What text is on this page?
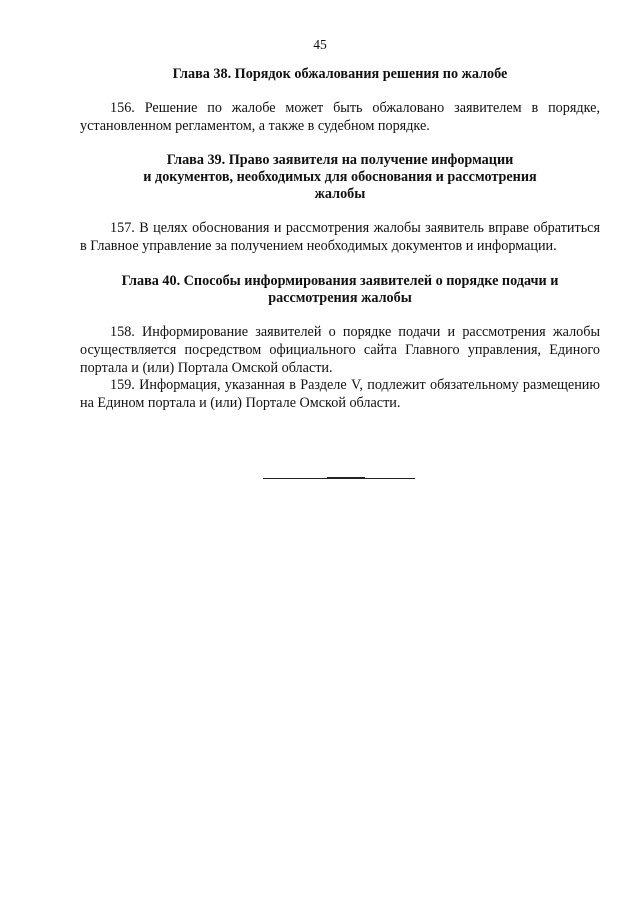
45
Глава 38. Порядок обжалования решения по жалобе

156. Решение по жалобе может быть обжаловано заявителем в порядке, установленном регламентом, а также в судебном порядке.

Глава 39. Право заявителя на получение информации
и документов, необходимых для обоснования и рассмотрения
жалобы

157. В целях обоснования и рассмотрения жалобы заявитель вправе обратиться в Главное управление за получением необходимых документов и информации.

Глава 40. Способы информирования заявителей о порядке подачи и
рассмотрения жалобы

158. Информирование заявителей о порядке подачи и рассмотрения жалобы осуществляется посредством официального сайта Главного управления, Единого портала и (или) Портала Омской области.

159. Информация, указанная в Разделе V, подлежит обязательному размещению на Едином портала и (или) Портале Омской области.
